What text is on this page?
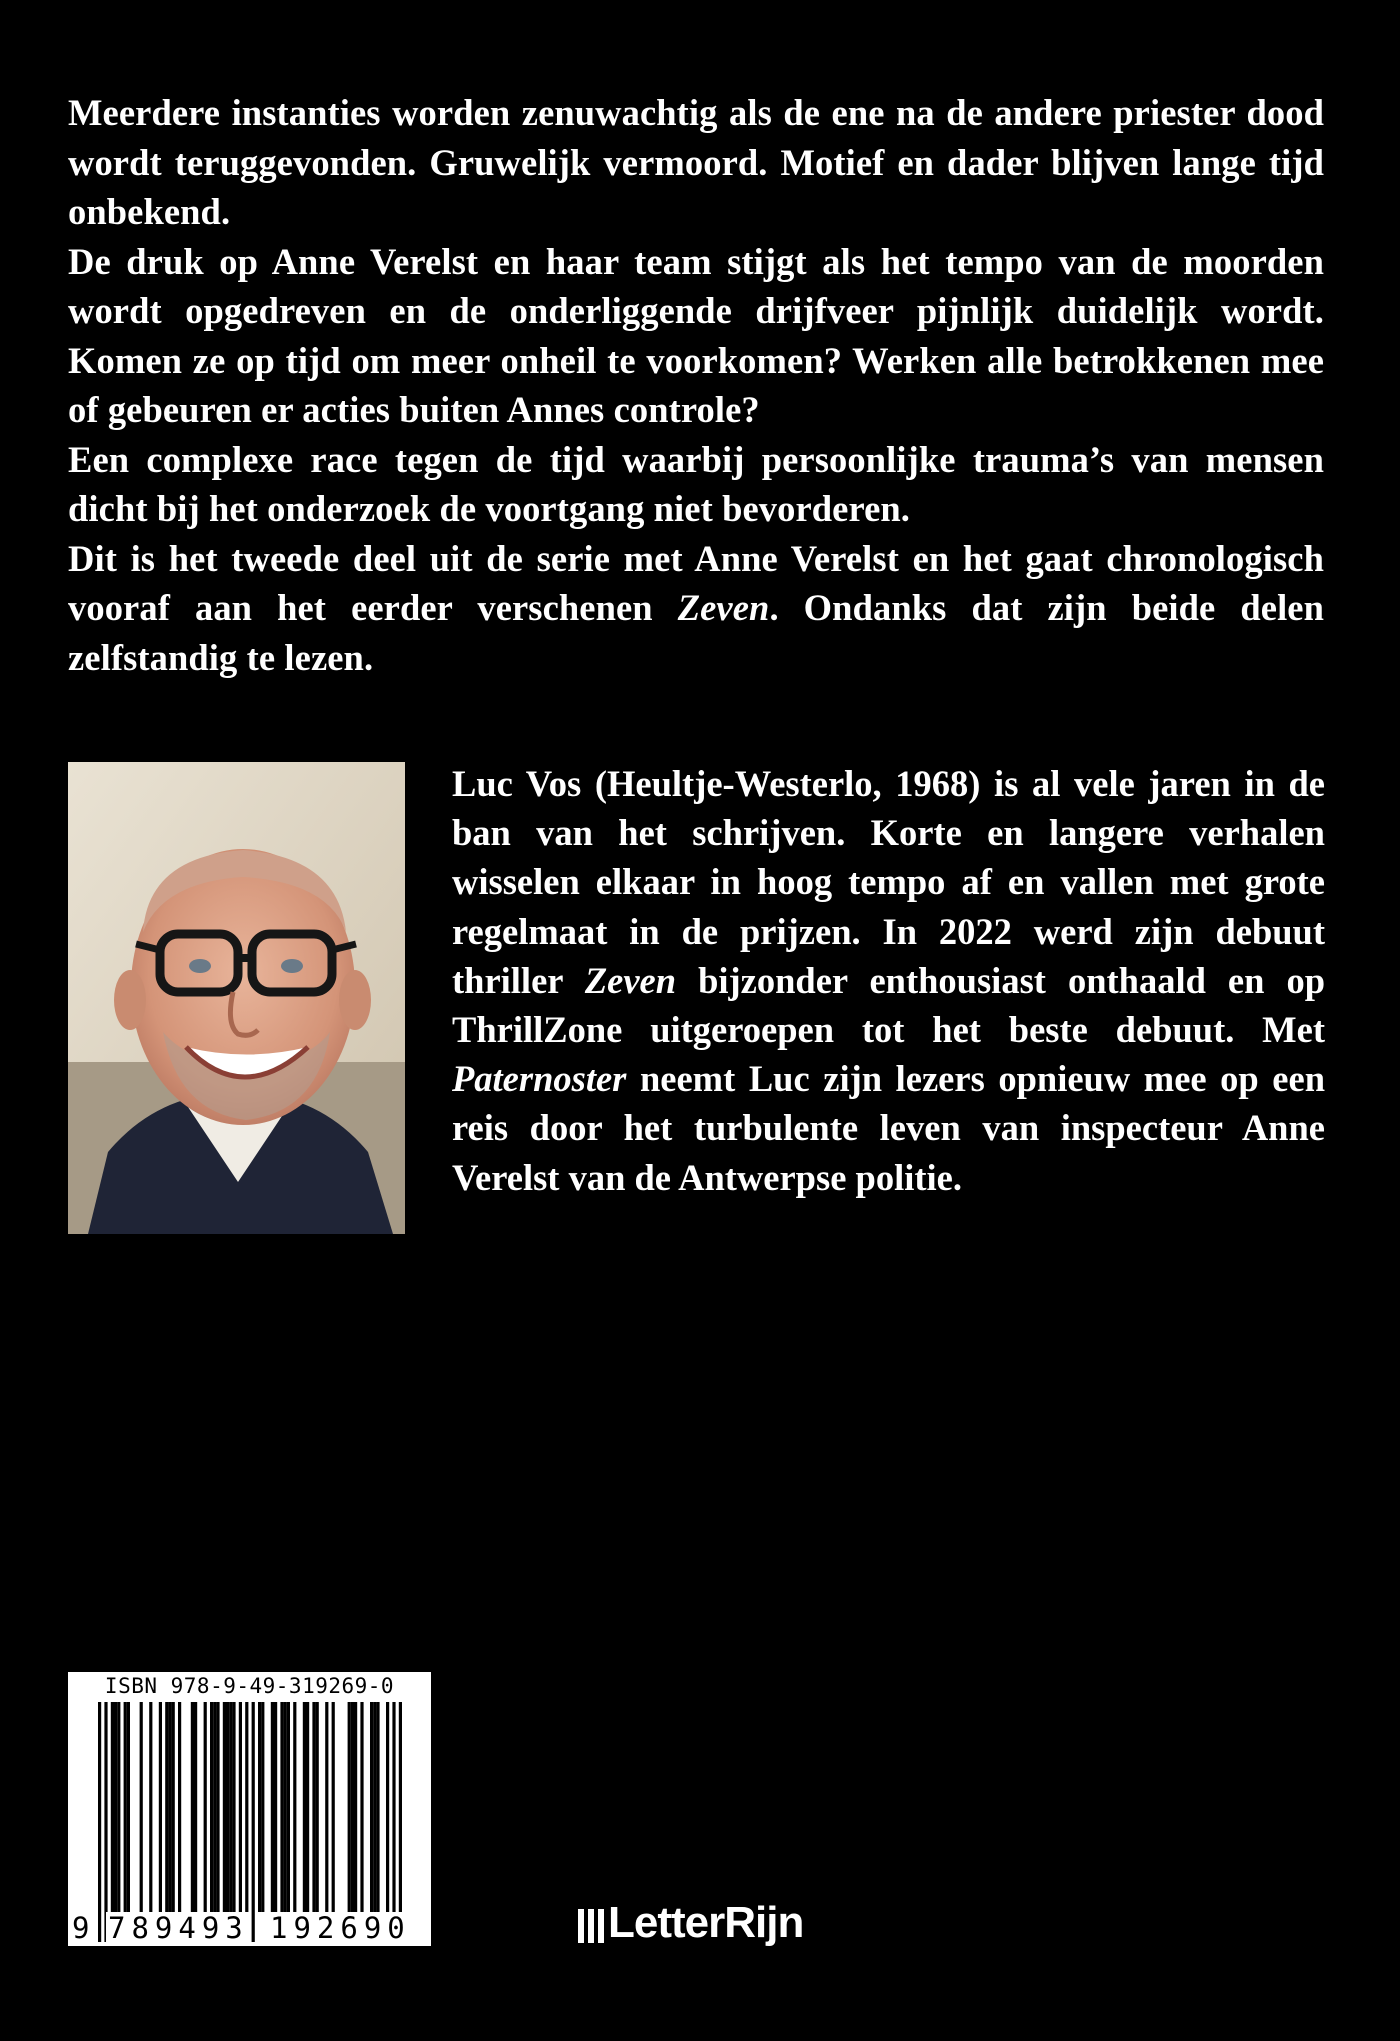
Meerdere instanties worden zenuwachtig als de ene na de andere priester dood wordt teruggevonden. Gruwelijk vermoord. Motief en dader blijven lange tijd onbekend.

De druk op Anne Verelst en haar team stijgt als het tempo van de moorden wordt opgedreven en de onderliggende drijfveer pijnlijk duidelijk wordt. Komen ze op tijd om meer onheil te voorkomen? Werken alle betrokkenen mee of gebeuren er acties buiten Annes controle?

Een complexe race tegen de tijd waarbij persoonlijke trauma’s van mensen dicht bij het onderzoek de voortgang niet bevorderen.

Dit is het tweede deel uit de serie met Anne Verelst en het gaat chronologisch vooraf aan het eerder verschenen Zeven. Ondanks dat zijn beide delen zelfstandig te lezen.

Luc Vos (Heultje-Westerlo, 1968) is al vele jaren in de ban van het schrijven. Korte en langere verhalen wisselen elkaar in hoog tempo af en vallen met grote regelmaat in de prijzen. In 2022 werd zijn debuut thriller Zeven bijzonder enthousiast onthaald en op ThrillZone uitgeroepen tot het beste debuut. Met Paternoster neemt Luc zijn lezers opnieuw mee op een reis door het turbulente leven van inspecteur Anne Verelst van de Antwerpse politie.

ISBN 978-9-49-319269-0
9 789493 192690	LetterRijn
